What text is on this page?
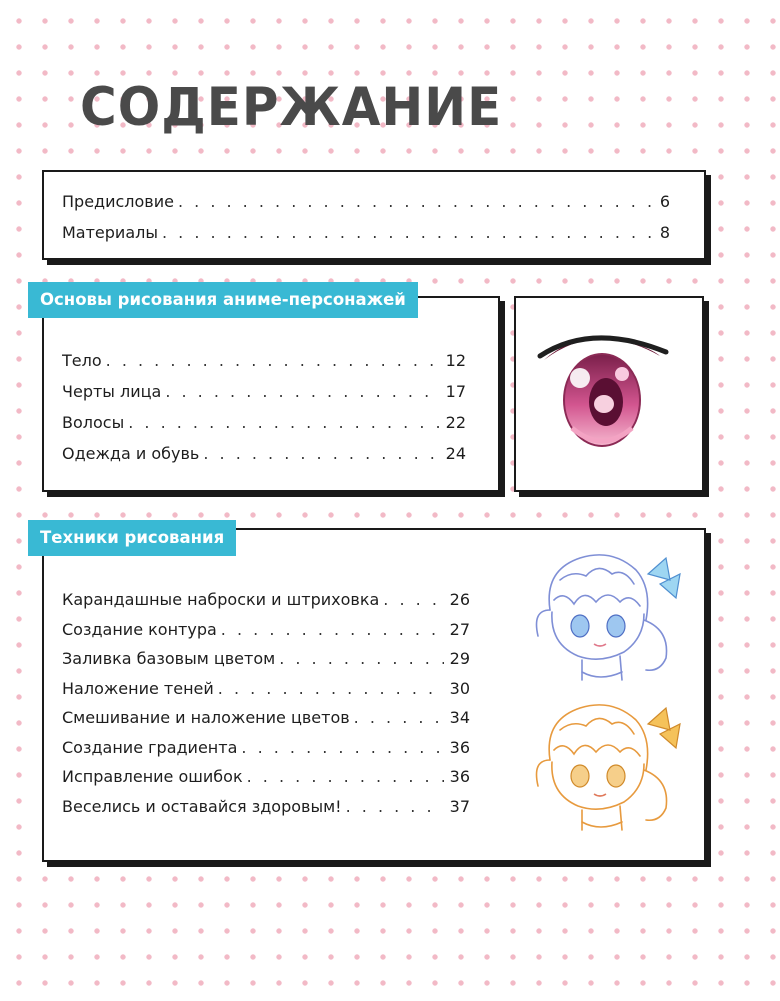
СОДЕРЖАНИЕ
Предисловие . . .	6
Материалы . . .	8
Основы рисования аниме-персонажей
Тело . . .	12
Черты лица . . .	17
Волосы . . .	22
Одежда и обувь . . .	24
Техники рисования
Карандашные наброски и штриховка . . .	26
Создание контура . . .	27
Заливка базовым цветом . . .	29
Наложение теней . . .	30
Смешивание и наложение цветов . . .	34
Создание градиента . . .	36
Исправление ошибок . . .	36
Веселись и оставайся здоровым! . . .	37
